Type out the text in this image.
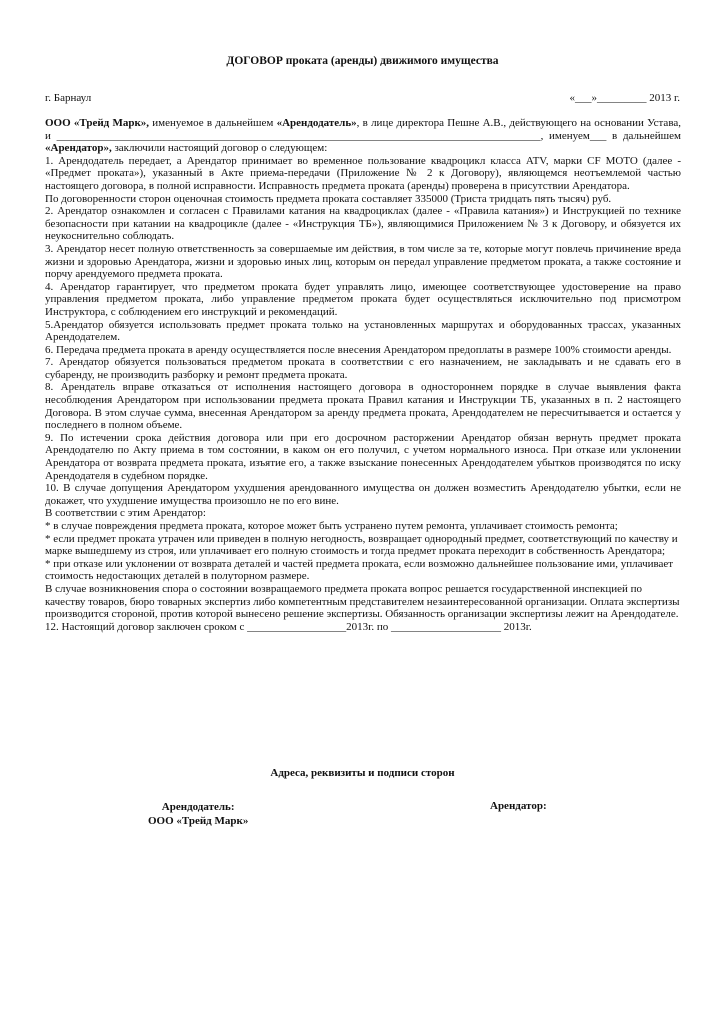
ДОГОВОР проката (аренды) движимого имущества
г. Барнаул	«___»_________ 2013 г.

ООО «Трейд Марк», именуемое в дальнейшем «Арендодатель», в лице директора Пешне А.В., действующего на основании Устава, и ________________________________________________________________________________________, именуем___ в дальнейшем «Арендатор», заключили настоящий договор о следующем:

1. Арендодатель передает, а Арендатор принимает во временное пользование квадроцикл класса ATV, марки CF MOTO (далее - «Предмет проката»), указанный в Акте приема-передачи (Приложение № 2 к Договору), являющемся неотъемлемой частью настоящего договора, в полной исправности. Исправность предмета проката (аренды) проверена в присутствии Арендатора.

По договоренности сторон оценочная стоимость предмета проката составляет 335000 (Триста тридцать пять тысяч) руб.

2. Арендатор ознакомлен и согласен с Правилами катания на квадроциклах (далее - «Правила катания») и Инструкцией по технике безопасности при катании на квадроцикле (далее - «Инструкция ТБ»), являющимися Приложением № 3 к Договору, и обязуется их неукоснительно соблюдать.

3. Арендатор несет полную ответственность за совершаемые им действия, в том числе за те, которые могут повлечь причинение вреда жизни и здоровью Арендатора, жизни и здоровью иных лиц, которым он передал управление предметом проката, а также состояние и порчу арендуемого предмета проката.

4. Арендатор гарантирует, что предметом проката будет управлять лицо, имеющее соответствующее удостоверение на право управления предметом проката, либо управление предметом проката будет осуществляться исключительно под присмотром Инструктора, с соблюдением его инструкций и рекомендаций.

5.Арендатор обязуется использовать предмет проката только на установленных маршрутах и оборудованных трассах, указанных Арендодателем.

6. Передача предмета проката в аренду осуществляется после внесения Арендатором предоплаты в размере 100% стоимости аренды.

7. Арендатор обязуется пользоваться предметом проката в соответствии с его назначением, не закладывать и не сдавать его в субаренду, не производить разборку и ремонт предмета проката.

8. Арендатель вправе отказаться от исполнения настоящего договора в одностороннем порядке в случае выявления факта несоблюдения Арендатором при использовании предмета проката Правил катания и Инструкции ТБ, указанных в п. 2 настоящего Договора. В этом случае сумма, внесенная Арендатором за аренду предмета проката, Арендодателем не пересчитывается и остается у последнего в полном объеме.

9. По истечении срока действия договора или при его досрочном расторжении Арендатор обязан вернуть предмет проката Арендодателю по Акту приема в том состоянии, в каком он его получил, с учетом нормального износа. При отказе или уклонении Арендатора от возврата предмета проката, изъятие его, а также взыскание понесенных Арендодателем убытков производятся по иску Арендодателя в судебном порядке.

10. В случае допущения Арендатором ухудшения арендованного имущества он должен возместить Арендодателю убытки, если не докажет, что ухудшение имущества произошло не по его вине.

В соответствии с этим Арендатор:

* в случае повреждения предмета проката, которое может быть устранено путем ремонта, уплачивает стоимость ремонта;

* если предмет проката утрачен или приведен в полную негодность, возвращает однородный предмет, соответствующий по качеству и марке вышедшему из строя, или уплачивает его полную стоимость и тогда предмет проката переходит в собственность Арендатора;

* при отказе или уклонении от возврата деталей и частей предмета проката, если возможно дальнейшее пользование ими, уплачивает стоимость недостающих деталей в полуторном размере.

В случае возникновения спора о состоянии возвращаемого предмета проката вопрос решается государственной инспекцией по качеству товаров, бюро товарных экспертиз либо компетентным представителем незаинтересованной организации. Оплата экспертизы производится стороной, против которой вынесено решение экспертизы. Обязанность организации экспертизы лежит на Арендодателе.

12. Настоящий договор заключен сроком с __________________2013г. по ____________________ 2013г.

Адреса, реквизиты и подписи сторон
Арендодатель:
ООО «Трейд Марк»
Арендатор:
